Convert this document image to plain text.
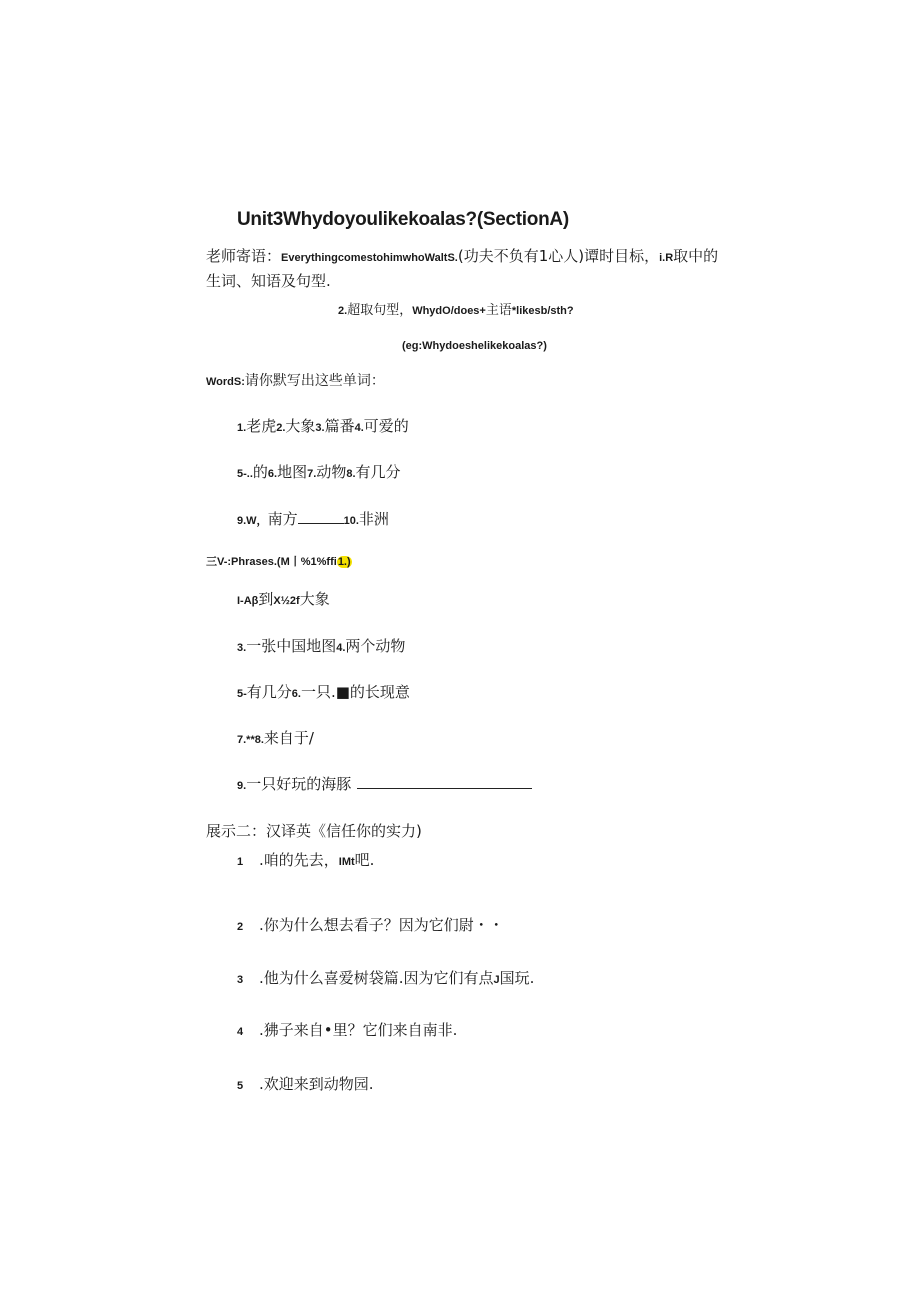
Unit3Whydoyoulikekoalas?(SectionA)
老师寄语：EverythingcomestohimwhoWaltS.(功夫不负有1心人)谭时目标，i.R取中的
生词、知语及句型.
2.超取句型，WhydO/does+主语*likesb/sth?
(eg:Whydoeshelikekoalas?)
WordS:请你默写出这些单词：
1.老虎2.大象3.篇番4.可爱的
5-..的6.地图7.动物8.有几分
9.W，南方	10.非洲
三V-:Phrases.(M丨%1%ffi1.)
I-Aβ到X½2f大象
3.一张中国地图4.两个动物
5-有几分6.一只.■的长现意
7.**8.来自于/
9.一只好玩的海豚
展示二：汉译英《信任你的实力)
1 .咱的先去，IMt吧.
2 .你为什么想去看子？因为它们尉・・
3 .他为什么喜爱树袋篇.因为它们有点J国玩.
4 .狒子来自•里？它们来自南非.
5 .欢迎来到动物园.
